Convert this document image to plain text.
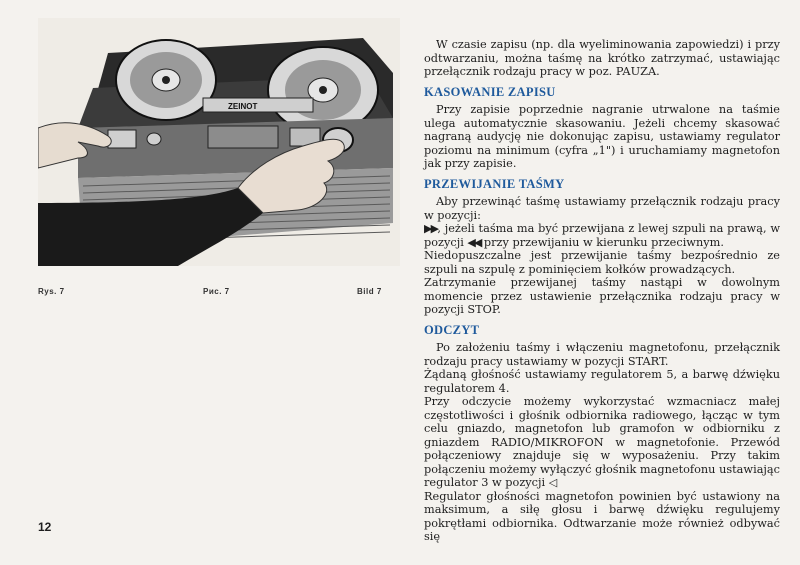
ZEINOT
Rys. 7	Рис. 7	Bild 7
12

W czasie zapisu (np. dla wyeliminowania zapowiedzi) i przy odtwarzaniu, można taśmę na krótko zatrzymać, ustawiając przełącznik rodzaju pracy w poz. PAUZA.

KASOWANIE ZAPISU

Przy zapisie poprzednie nagranie utrwalone na taśmie ulega automatycznie skasowaniu. Jeżeli chcemy skasować nagraną audycję nie dokonując zapisu, ustawiamy regulator poziomu na minimum (cyfra „1") i uruchamiamy magnetofon jak przy zapisie.

PRZEWIJANIE TAŚMY

Aby przewinąć taśmę ustawiamy przełącznik rodzaju pracy w pozycji:

▶▶, jeżeli taśma ma być przewijana z lewej szpuli na prawą, w pozycji ◀◀ przy przewijaniu w kierunku przeciwnym.

Niedopuszczalne jest przewijanie taśmy bezpośrednio ze szpuli na szpulę z pominięciem kołków prowadzących.

Zatrzymanie przewijanej taśmy nastąpi w dowolnym momencie przez ustawienie przełącznika rodzaju pracy w pozycji STOP.

ODCZYT

Po założeniu taśmy i włączeniu magnetofonu, przełącznik rodzaju pracy ustawiamy w pozycji START.

Żądaną głośność ustawiamy regulatorem 5, a barwę dźwięku regulatorem 4.

Przy odczycie możemy wykorzystać wzmacniacz małej częstotliwości i głośnik odbiornika radiowego, łącząc w tym celu gniazdo, magnetofon lub gramofon w odbiorniku z gniazdem RADIO/MIKROFON w magnetofonie. Przewód połączeniowy znajduje się w wyposażeniu. Przy takim połączeniu możemy wyłączyć głośnik magnetofonu ustawiając regulator 3 w pozycji ◁

Regulator głośności magnetofon powinien być ustawiony na maksimum, a siłę głosu i barwę dźwięku regulujemy pokrętłami odbiornika. Odtwarzanie może również odbywać się
